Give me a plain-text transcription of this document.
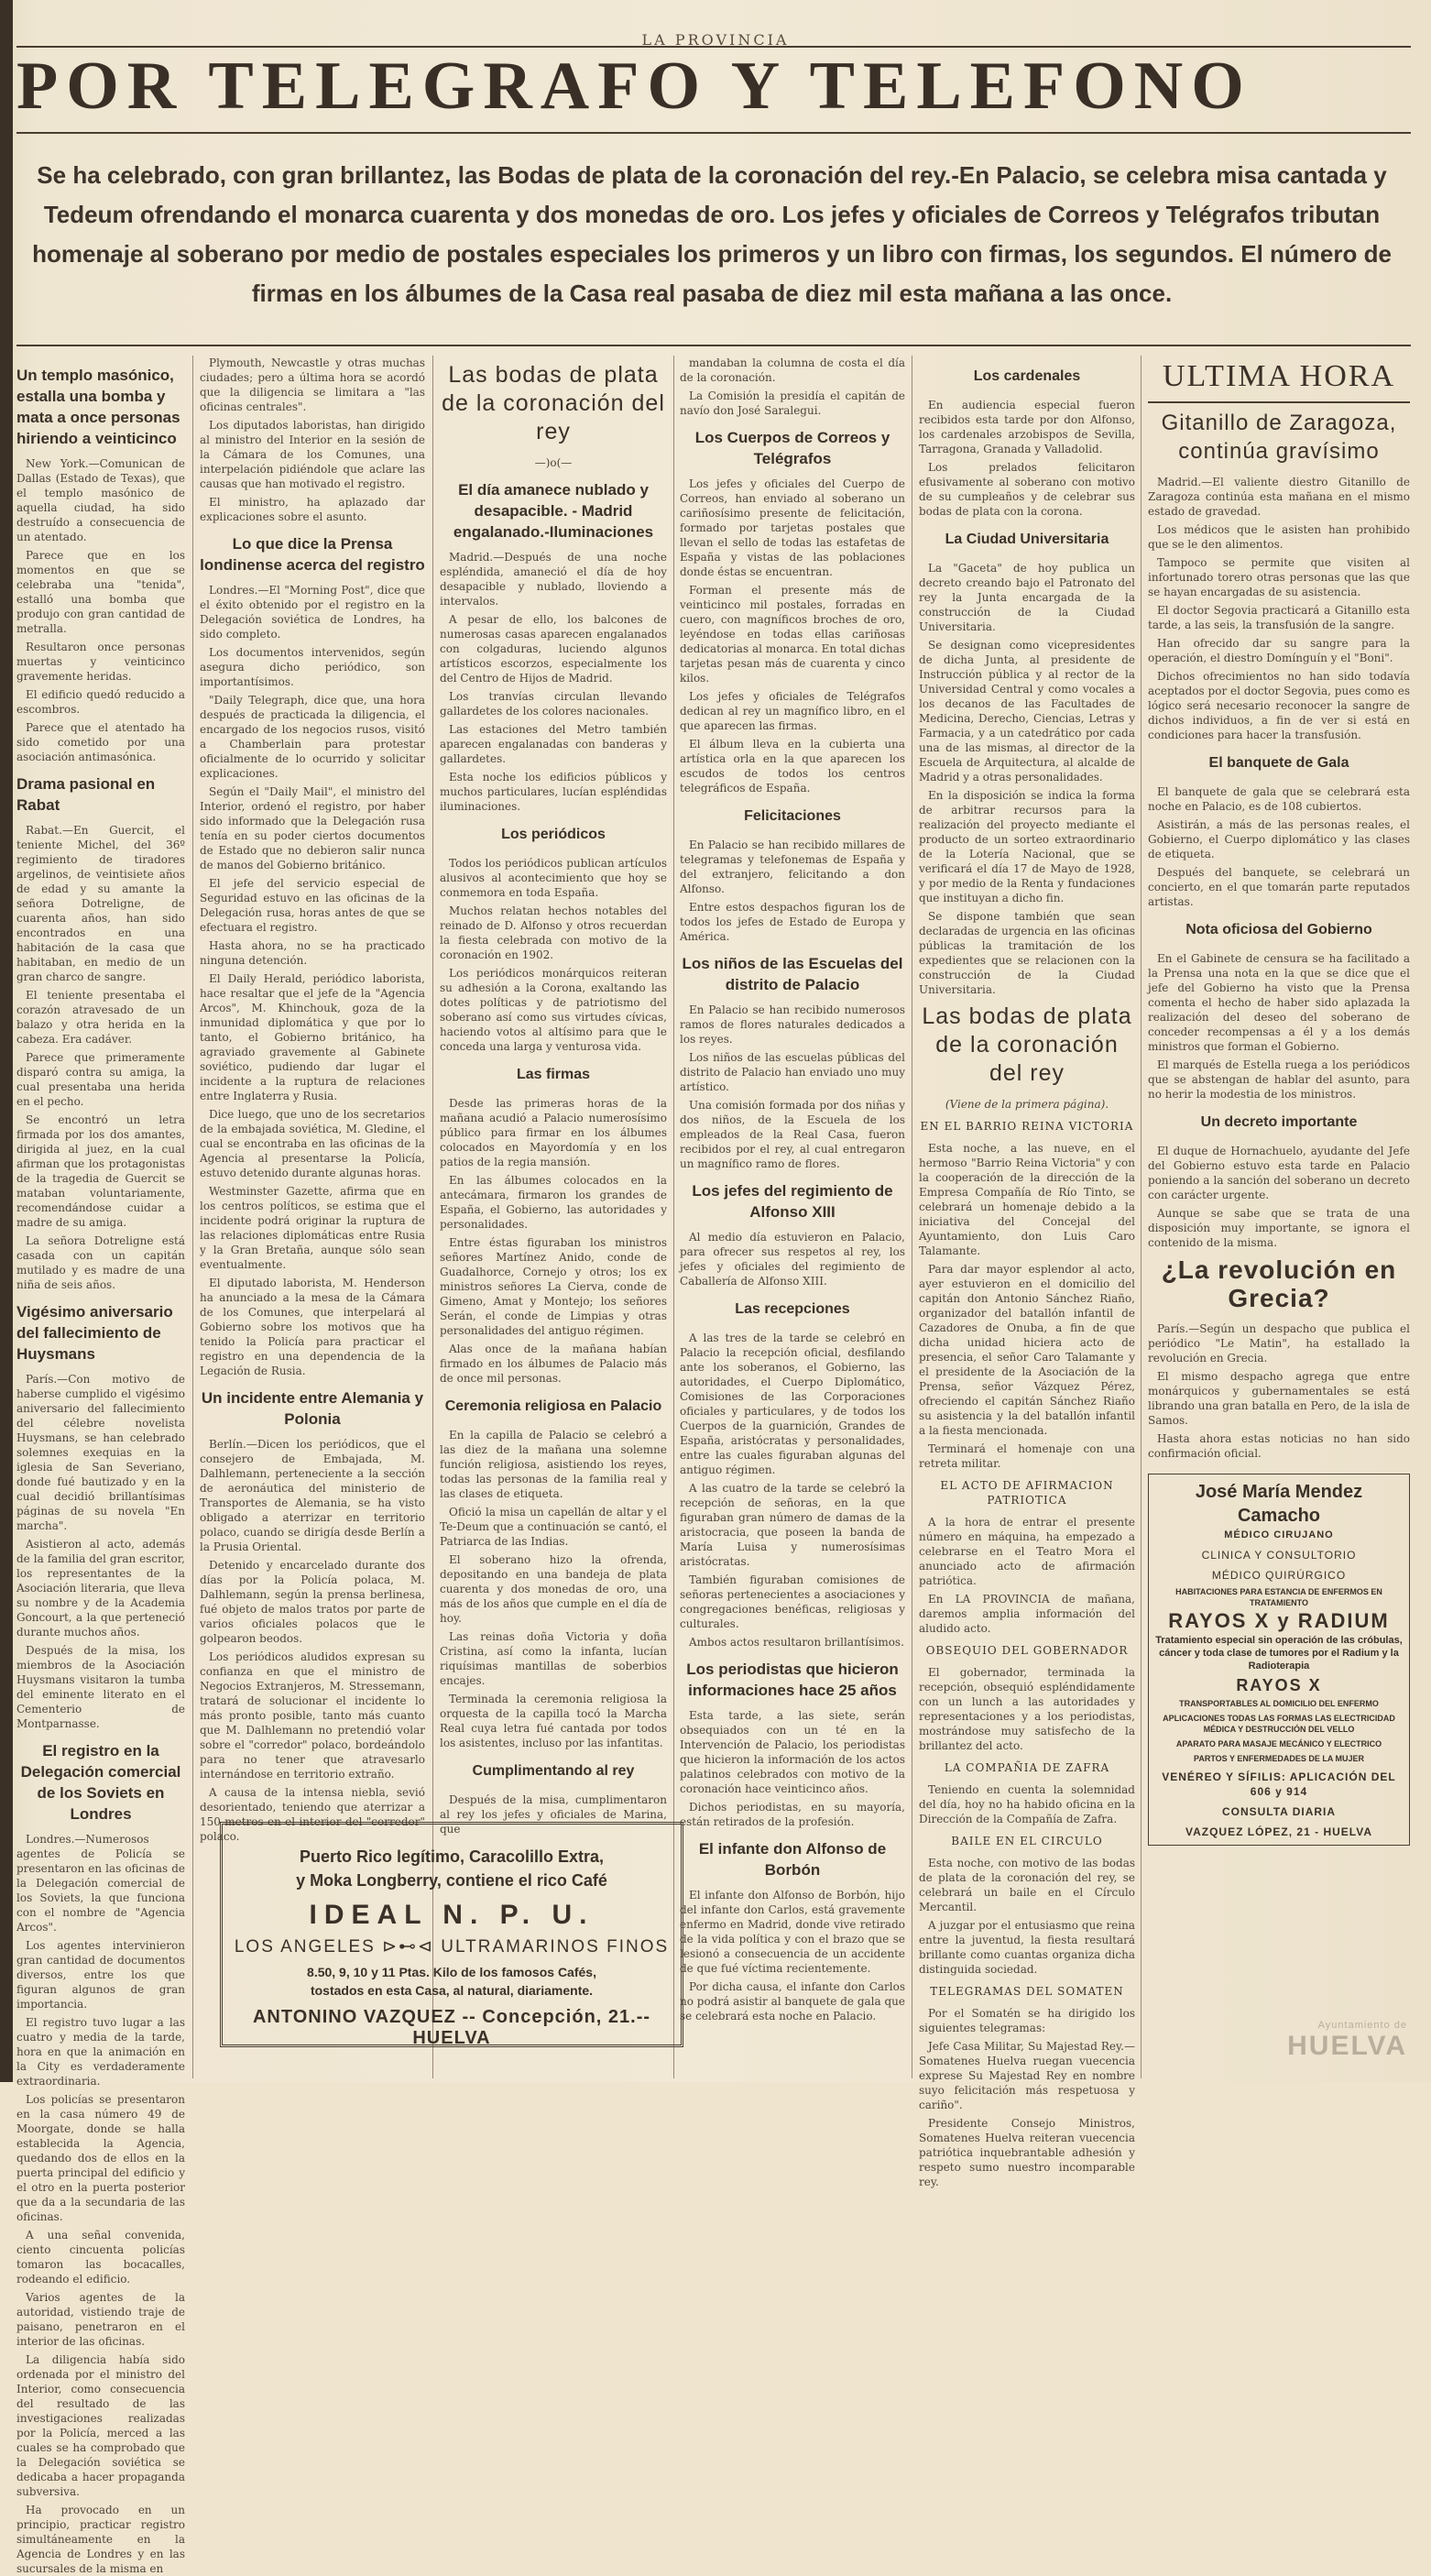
LA PROVINCIA
POR TELEGRAFO Y TELEFONO
Se ha celebrado, con gran brillantez, las Bodas de plata de la coronación del rey.-En Palacio, se celebra misa cantada y Tedeum ofrendando el monarca cuarenta y dos monedas de oro. Los jefes y oficiales de Correos y Telégrafos tributan homenaje al soberano por medio de postales especiales los primeros y un libro con firmas, los segundos. El número de firmas en los álbumes de la Casa real pasaba de diez mil esta mañana a las once.
Un templo masónico, estalla una bomba y mata a once personas hiriendo a veinticinco

New York.—Comunican de Dallas (Estado de Texas), que el templo masónico de aquella ciudad, ha sido destruído a consecuencia de un atentado.

Parece que en los momentos en que se celebraba una "tenida", estalló una bomba que produjo con gran cantidad de metralla.

Resultaron once personas muertas y veinticinco gravemente heridas.

El edificio quedó reducido a escombros.

Parece que el atentado ha sido cometido por una asociación antimasónica.

Drama pasional en Rabat

Rabat.—En Guercit, el teniente Michel, del 36º regimiento de tiradores argelinos, de veintisiete años de edad y su amante la señora Dotreligne, de cuarenta años, han sido encontrados en una habitación de la casa que habitaban, en medio de un gran charco de sangre.

El teniente presentaba el corazón atravesado de un balazo y otra herida en la cabeza. Era cadáver.

Parece que primeramente disparó contra su amiga, la cual presentaba una herida en el pecho.

Se encontró un letra firmada por los dos amantes, dirigida al juez, en la cual afirman que los protagonistas de la tragedia de Guercit se mataban voluntariamente, recomendándose cuidar a madre de su amiga.

La señora Dotreligne está casada con un capitán mutilado y es madre de una niña de seis años.

Vigésimo aniversario del fallecimiento de Huysmans

París.—Con motivo de haberse cumplido el vigésimo aniversario del fallecimiento del célebre novelista Huysmans, se han celebrado solemnes exequias en la iglesia de San Severiano, donde fué bautizado y en la cual decidió brillantísimas páginas de su novela "En marcha".

Asistieron al acto, además de la familia del gran escritor, los representantes de la Asociación literaria, que lleva su nombre y de la Academia Goncourt, a la que perteneció durante muchos años.

Después de la misa, los miembros de la Asociación Huysmans visitaron la tumba del eminente literato en el Cementerio de Montparnasse.

El registro en la Delegación comercial de los Soviets en Londres

Londres.—Numerosos agentes de Policía se presentaron en las oficinas de la Delegación comercial de los Soviets, la que funciona con el nombre de "Agencia Arcos".

Los agentes intervinieron gran cantidad de documentos diversos, entre los que figuran algunos de gran importancia.

El registro tuvo lugar a las cuatro y media de la tarde, hora en que la animación en la City es verdaderamente extraordinaria.

Los policías se presentaron en la casa número 49 de Moorgate, donde se halla establecida la Agencia, quedando dos de ellos en la puerta principal del edificio y el otro en la puerta posterior que da a la secundaria de las oficinas.

A una señal convenida, ciento cincuenta policías tomaron las bocacalles, rodeando el edificio.

Varios agentes de la autoridad, vistiendo traje de paisano, penetraron en el interior de las oficinas.

La diligencia había sido ordenada por el ministro del Interior, como consecuencia del resultado de las investigaciones realizadas por la Policía, merced a las cuales se ha comprobado que la Delegación soviética se dedicaba a hacer propaganda subversiva.

Ha provocado en un principio, practicar registro simultáneamente en la Agencia de Londres y en las sucursales de la misma en

Plymouth, Newcastle y otras muchas ciudades; pero a última hora se acordó que la diligencia se limitara a "las oficinas centrales".

Los diputados laboristas, han dirigido al ministro del Interior en la sesión de la Cámara de los Comunes, una interpelación pidiéndole que aclare las causas que han motivado el registro.

El ministro, ha aplazado dar explicaciones sobre el asunto.

Lo que dice la Prensa londinense acerca del registro

Londres.—El "Morning Post", dice que el éxito obtenido por el registro en la Delegación soviética de Londres, ha sido completo.

Los documentos intervenidos, según asegura dicho periódico, son importantísimos.

"Daily Telegraph, dice que, una hora después de practicada la diligencia, el encargado de los negocios rusos, visitó a Chamberlain para protestar oficialmente de lo ocurrido y solicitar explicaciones.

Según el "Daily Mail", el ministro del Interior, ordenó el registro, por haber sido informado que la Delegación rusa tenía en su poder ciertos documentos de Estado que no debieron salir nunca de manos del Gobierno británico.

El jefe del servicio especial de Seguridad estuvo en las oficinas de la Delegación rusa, horas antes de que se efectuara el registro.

Hasta ahora, no se ha practicado ninguna detención.

El Daily Herald, periódico laborista, hace resaltar que el jefe de la "Agencia Arcos", M. Khinchouk, goza de la inmunidad diplomática y que por lo tanto, el Gobierno británico, ha agraviado gravemente al Gabinete soviético, pudiendo dar lugar el incidente a la ruptura de relaciones entre Inglaterra y Rusia.

Dice luego, que uno de los secretarios de la embajada soviética, M. Gledine, el cual se encontraba en las oficinas de la Agencia al presentarse la Policía, estuvo detenido durante algunas horas.

Westminster Gazette, afirma que en los centros políticos, se estima que el incidente podrá originar la ruptura de las relaciones diplomáticas entre Rusia y la Gran Bretaña, aunque sólo sean eventualmente.

El diputado laborista, M. Henderson ha anunciado a la mesa de la Cámara de los Comunes, que interpelará al Gobierno sobre los motivos que ha tenido la Policía para practicar el registro en una dependencia de la Legación de Rusia.

Un incidente entre Alemania y Polonia

Berlín.—Dicen los periódicos, que el consejero de Embajada, M. Dalhlemann, perteneciente a la sección de aeronáutica del ministerio de Transportes de Alemania, se ha visto obligado a aterrizar en territorio polaco, cuando se dirigía desde Berlín a la Prusia Oriental.

Detenido y encarcelado durante dos días por la Policía polaca, M. Dalhlemann, según la prensa berlinesa, fué objeto de malos tratos por parte de varios oficiales polacos que le golpearon beodos.

Los periódicos aludidos expresan su confianza en que el ministro de Negocios Extranjeros, M. Stressemann, tratará de solucionar el incidente lo más pronto posible, tanto más cuanto que M. Dalhlemann no pretendió volar sobre el "corredor" polaco, bordeándolo para no tener que atravesarlo internándose en territorio extraño.

A causa de la intensa niebla, sevió desorientado, teniendo que aterrizar a 150 metros en el interior del "corredor" polaco.

Las bodas de plata de la coronación del rey
—)o(—
El día amanece nublado y desapacible. - Madrid engalanado.-Iluminaciones

Madrid.—Después de una noche espléndida, amaneció el día de hoy desapacible y nublado, lloviendo a intervalos.

A pesar de ello, los balcones de numerosas casas aparecen engalanados con colgaduras, luciendo algunos artísticos escorzos, especialmente los del Centro de Hijos de Madrid.

Los tranvías circulan llevando gallardetes de los colores nacionales.

Las estaciones del Metro también aparecen engalanadas con banderas y gallardetes.

Esta noche los edificios públicos y muchos particulares, lucían espléndidas iluminaciones.

Los periódicos

Todos los periódicos publican artículos alusivos al acontecimiento que hoy se conmemora en toda España.

Muchos relatan hechos notables del reinado de D. Alfonso y otros recuerdan la fiesta celebrada con motivo de la coronación en 1902.

Los periódicos monárquicos reiteran su adhesión a la Corona, exaltando las dotes políticas y de patriotismo del soberano así como sus virtudes cívicas, haciendo votos al altísimo para que le conceda una larga y venturosa vida.

Las firmas

Desde las primeras horas de la mañana acudió a Palacio numerosísimo público para firmar en los álbumes colocados en Mayordomía y en los patios de la regia mansión.

En las álbumes colocados en la antecámara, firmaron los grandes de España, el Gobierno, las autoridades y personalidades.

Entre éstas figuraban los ministros señores Martínez Anido, conde de Guadalhorce, Cornejo y otros; los ex ministros señores La Cierva, conde de Gimeno, Amat y Montejo; los señores Serán, el conde de Limpias y otras personalidades del antiguo régimen.

Alas once de la mañana habían firmado en los álbumes de Palacio más de once mil personas.

Ceremonia religiosa en Palacio

En la capilla de Palacio se celebró a las diez de la mañana una solemne función religiosa, asistiendo los reyes, todas las personas de la familia real y las clases de etiqueta.

Ofició la misa un capellán de altar y el Te-Deum que a continuación se cantó, el Patriarca de las Indias.

El soberano hizo la ofrenda, depositando en una bandeja de plata cuarenta y dos monedas de oro, una más de los años que cumple en el día de hoy.

Las reinas doña Victoria y doña Cristina, así como la infanta, lucían riquísimas mantillas de soberbios encajes.

Terminada la ceremonia religiosa la orquesta de la capilla tocó la Marcha Real cuya letra fué cantada por todos los asistentes, incluso por las infantitas.

Cumplimentando al rey

Después de la misa, cumplimentaron al rey los jefes y oficiales de Marina, que

mandaban la columna de costa el día de la coronación.

La Comisión la presidía el capitán de navío don José Saralegui.

Los Cuerpos de Correos y Telégrafos

Los jefes y oficiales del Cuerpo de Correos, han enviado al soberano un cariñosísimo presente de felicitación, formado por tarjetas postales que llevan el sello de todas las estafetas de España y vistas de las poblaciones donde éstas se encuentran.

Forman el presente más de veinticinco mil postales, forradas en cuero, con magníficos broches de oro, leyéndose en todas ellas cariñosas dedicatorias al monarca. En total dichas tarjetas pesan más de cuarenta y cinco kilos.

Los jefes y oficiales de Telégrafos dedican al rey un magnífico libro, en el que aparecen las firmas.

El álbum lleva en la cubierta una artística orla en la que aparecen los escudos de todos los centros telegráficos de España.

Felicitaciones

En Palacio se han recibido millares de telegramas y telefonemas de España y del extranjero, felicitando a don Alfonso.

Entre estos despachos figuran los de todos los jefes de Estado de Europa y América.

Los niños de las Escuelas del distrito de Palacio

En Palacio se han recibido numerosos ramos de flores naturales dedicados a los reyes.

Los niños de las escuelas públicas del distrito de Palacio han enviado uno muy artístico.

Una comisión formada por dos niñas y dos niños, de la Escuela de los empleados de la Real Casa, fueron recibidos por el rey, al cual entregaron un magnífico ramo de flores.

Los jefes del regimiento de Alfonso XIII

Al medio día estuvieron en Palacio, para ofrecer sus respetos al rey, los jefes y oficiales del regimiento de Caballería de Alfonso XIII.

Las recepciones

A las tres de la tarde se celebró en Palacio la recepción oficial, desfilando ante los soberanos, el Gobierno, las autoridades, el Cuerpo Diplomático, Comisiones de las Corporaciones oficiales y particulares, y de todos los Cuerpos de la guarnición, Grandes de España, aristócratas y personalidades, entre las cuales figuraban algunas del antiguo régimen.

A las cuatro de la tarde se celebró la recepción de señoras, en la que figuraban gran número de damas de la aristocracia, que poseen la banda de María Luisa y numerosísimas aristócratas.

También figuraban comisiones de señoras pertenecientes a asociaciones y congregaciones benéficas, religiosas y culturales.

Ambos actos resultaron brillantísimos.

Los periodistas que hicieron informaciones hace 25 años

Esta tarde, a las siete, serán obsequiados con un té en la Intervención de Palacio, los periodistas que hicieron la información de los actos palatinos celebrados con motivo de la coronación hace veinticinco años.

Dichos periodistas, en su mayoría, están retirados de la profesión.

El infante don Alfonso de Borbón

El infante don Alfonso de Borbón, hijo del infante don Carlos, está gravemente enfermo en Madrid, donde vive retirado de la vida política y con el brazo que se lesionó a consecuencia de un accidente de que fué víctima recientemente.

Por dicha causa, el infante don Carlos no podrá asistir al banquete de gala que se celebrará esta noche en Palacio.

Los cardenales

En audiencia especial fueron recibidos esta tarde por don Alfonso, los cardenales arzobispos de Sevilla, Tarragona, Granada y Valladolid.

Los prelados felicitaron efusivamente al soberano con motivo de su cumpleaños y de celebrar sus bodas de plata con la corona.

La Ciudad Universitaria

La "Gaceta" de hoy publica un decreto creando bajo el Patronato del rey la Junta encargada de la construcción de la Ciudad Universitaria.

Se designan como vicepresidentes de dicha Junta, al presidente de Instrucción pública y al rector de la Universidad Central y como vocales a los decanos de las Facultades de Medicina, Derecho, Ciencias, Letras y Farmacia, y a un catedrático por cada una de las mismas, al director de la Escuela de Arquitectura, al alcalde de Madrid y a otras personalidades.

En la disposición se indica la forma de arbitrar recursos para la realización del proyecto mediante el producto de un sorteo extraordinario de la Lotería Nacional, que se verificará el día 17 de Mayo de 1928, y por medio de la Renta y fundaciones que instituyan a dicho fin.

Se dispone también que sean declaradas de urgencia en las oficinas públicas la tramitación de los expedientes que se relacionen con la construcción de la Ciudad Universitaria.

Las bodas de plata de la coronación del rey
(Viene de la primera página).
EN EL BARRIO REINA VICTORIA

Esta noche, a las nueve, en el hermoso "Barrio Reina Victoria" y con la cooperación de la dirección de la Empresa Compañía de Río Tinto, se celebrará un homenaje debido a la iniciativa del Concejal del Ayuntamiento, don Luis Caro Talamante.

Para dar mayor esplendor al acto, ayer estuvieron en el domicilio del capitán don Antonio Sánchez Riaño, organizador del batallón infantil de Cazadores de Onuba, a fin de que dicha unidad hiciera acto de presencia, el señor Caro Talamante y el presidente de la Asociación de la Prensa, señor Vázquez Pérez, ofreciendo el capitán Sánchez Riaño su asistencia y la del batallón infantil a la fiesta mencionada.

Terminará el homenaje con una retreta militar.

EL ACTO DE AFIRMACION PATRIOTICA

A la hora de entrar el presente número en máquina, ha empezado a celebrarse en el Teatro Mora el anunciado acto de afirmación patriótica.

En LA PROVINCIA de mañana, daremos amplia información del aludido acto.

OBSEQUIO DEL GOBERNADOR

El gobernador, terminada la recepción, obsequió espléndidamente con un lunch a las autoridades y representaciones y a los periodistas, mostrándose muy satisfecho de la brillantez del acto.

LA COMPAÑIA DE ZAFRA

Teniendo en cuenta la solemnidad del día, hoy no ha habido oficina en la Dirección de la Compañía de Zafra.

BAILE EN EL CIRCULO

Esta noche, con motivo de las bodas de plata de la coronación del rey, se celebrará un baile en el Círculo Mercantil.

A juzgar por el entusiasmo que reina entre la juventud, la fiesta resultará brillante como cuantas organiza dicha distinguida sociedad.

TELEGRAMAS DEL SOMATEN

Por el Somatén se ha dirigido los siguientes telegramas:

Jefe Casa Militar, Su Majestad Rey.—Somatenes Huelva ruegan vuecencia exprese Su Majestad Rey en nombre suyo felicitación más respetuosa y cariño".

Presidente Consejo Ministros, Somatenes Huelva reiteran vuecencia patriótica inquebrantable adhesión y respeto sumo nuestro incomparable rey.

ULTIMA HORA
Gitanillo de Zaragoza, continúa gravísimo

Madrid.—El valiente diestro Gitanillo de Zaragoza continúa esta mañana en el mismo estado de gravedad.

Los médicos que le asisten han prohibido que se le den alimentos.

Tampoco se permite que visiten al infortunado torero otras personas que las que se hayan encargadas de su asistencia.

El doctor Segovia practicará a Gitanillo esta tarde, a las seis, la transfusión de la sangre.

Han ofrecido dar su sangre para la operación, el diestro Domínguín y el "Boni".

Dichos ofrecimientos no han sido todavía aceptados por el doctor Segovia, pues como es lógico será necesario reconocer la sangre de dichos individuos, a fin de ver si está en condiciones para hacer la transfusión.

El banquete de Gala

El banquete de gala que se celebrará esta noche en Palacio, es de 108 cubiertos.

Asistirán, a más de las personas reales, el Gobierno, el Cuerpo diplomático y las clases de etiqueta.

Después del banquete, se celebrará un concierto, en el que tomarán parte reputados artistas.

Nota oficiosa del Gobierno

En el Gabinete de censura se ha facilitado a la Prensa una nota en la que se dice que el jefe del Gobierno ha visto que la Prensa comenta el hecho de haber sido aplazada la realización del deseo del soberano de conceder recompensas a él y a los demás ministros que forman el Gobierno.

El marqués de Estella ruega a los periódicos que se abstengan de hablar del asunto, para no herir la modestia de los ministros.

Un decreto importante

El duque de Hornachuelo, ayudante del Jefe del Gobierno estuvo esta tarde en Palacio poniendo a la sanción del soberano un decreto con carácter urgente.

Aunque se sabe que se trata de una disposición muy importante, se ignora el contenido de la misma.

¿La revolución en Grecia?

París.—Según un despacho que publica el periódico "Le Matin", ha estallado la revolución en Grecia.

El mismo despacho agrega que entre monárquicos y gubernamentales se está librando una gran batalla en Pero, de la isla de Samos.

Hasta ahora estas noticias no han sido confirmación oficial.

José María Mendez Camacho
MÉDICO CIRUJANO
CLINICA Y CONSULTORIO
MÉDICO QUIRÚRGICO
HABITACIONES PARA ESTANCIA DE ENFERMOS EN TRATAMIENTO
RAYOS X y RADIUM
Tratamiento especial sin operación de las cróbulas, cáncer y toda clase de tumores por el Radium y la Radioterapia
RAYOS X
TRANSPORTABLES AL DOMICILIO DEL ENFERMO
APLICACIONES TODAS LAS FORMAS LAS ELECTRICIDAD MÉDICA Y DESTRUCCIÓN DEL VELLO
APARATO PARA MASAJE MECÁNICO Y ELECTRICO
PARTOS Y ENFERMEDADES DE LA MUJER
VENÉREO Y SÍFILIS: APLICACIÓN DEL 606 y 914
CONSULTA DIARIA
VAZQUEZ LÓPEZ, 21 - HUELVA
Puerto Rico legítimo, Caracolillo Extra,
y Moka Longberry, contiene el rico Café
IDEAL N. P. U.
LOS ANGELES ⊳⊷⊲ ULTRAMARINOS FINOS
8.50, 9, 10 y 11 Ptas. Kilo de los famosos Cafés,
tostados en esta Casa, al natural, diariamente.
ANTONINO VAZQUEZ -- Concepción, 21.--HUELVA
Ayuntamiento de
HUELVA
